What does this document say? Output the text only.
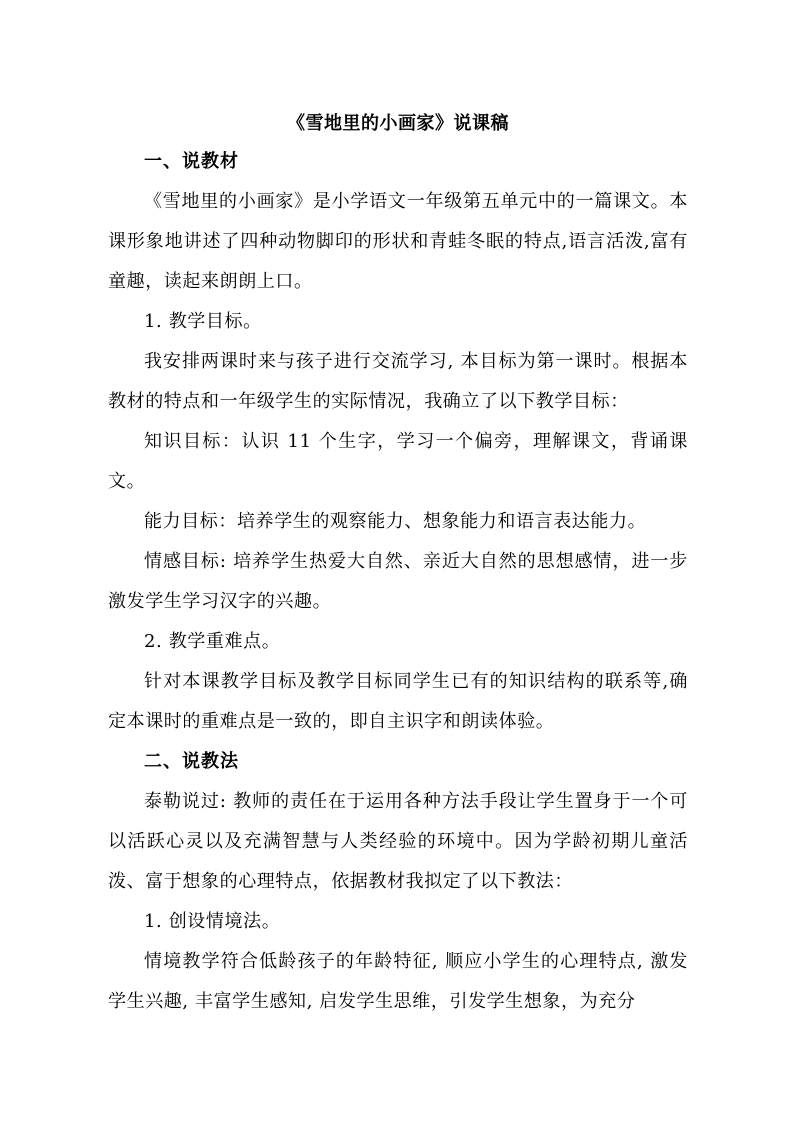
《雪地里的小画家》说课稿

一、说教材

《雪地里的小画家》是小学语文一年级第五单元中的一篇课文。本课形象地讲述了四种动物脚印的形状和青蛙冬眠的特点,语言活泼,富有童趣，读起来朗朗上口。

1. 教学目标。

我安排两课时来与孩子进行交流学习, 本目标为第一课时。根据本教材的特点和一年级学生的实际情况，我确立了以下教学目标：

知识目标：认识 11 个生字，学习一个偏旁，理解课文，背诵课文。

能力目标：培养学生的观察能力、想象能力和语言表达能力。

情感目标: 培养学生热爱大自然、亲近大自然的思想感情，进一步激发学生学习汉字的兴趣。

2. 教学重难点。

针对本课教学目标及教学目标同学生已有的知识结构的联系等,确定本课时的重难点是一致的，即自主识字和朗读体验。

二、说教法

泰勒说过: 教师的责任在于运用各种方法手段让学生置身于一个可以活跃心灵以及充满智慧与人类经验的环境中。因为学龄初期儿童活泼、富于想象的心理特点，依据教材我拟定了以下教法：

1. 创设情境法。

情境教学符合低龄孩子的年龄特征, 顺应小学生的心理特点, 激发学生兴趣, 丰富学生感知, 启发学生思维，引发学生想象，为充分
